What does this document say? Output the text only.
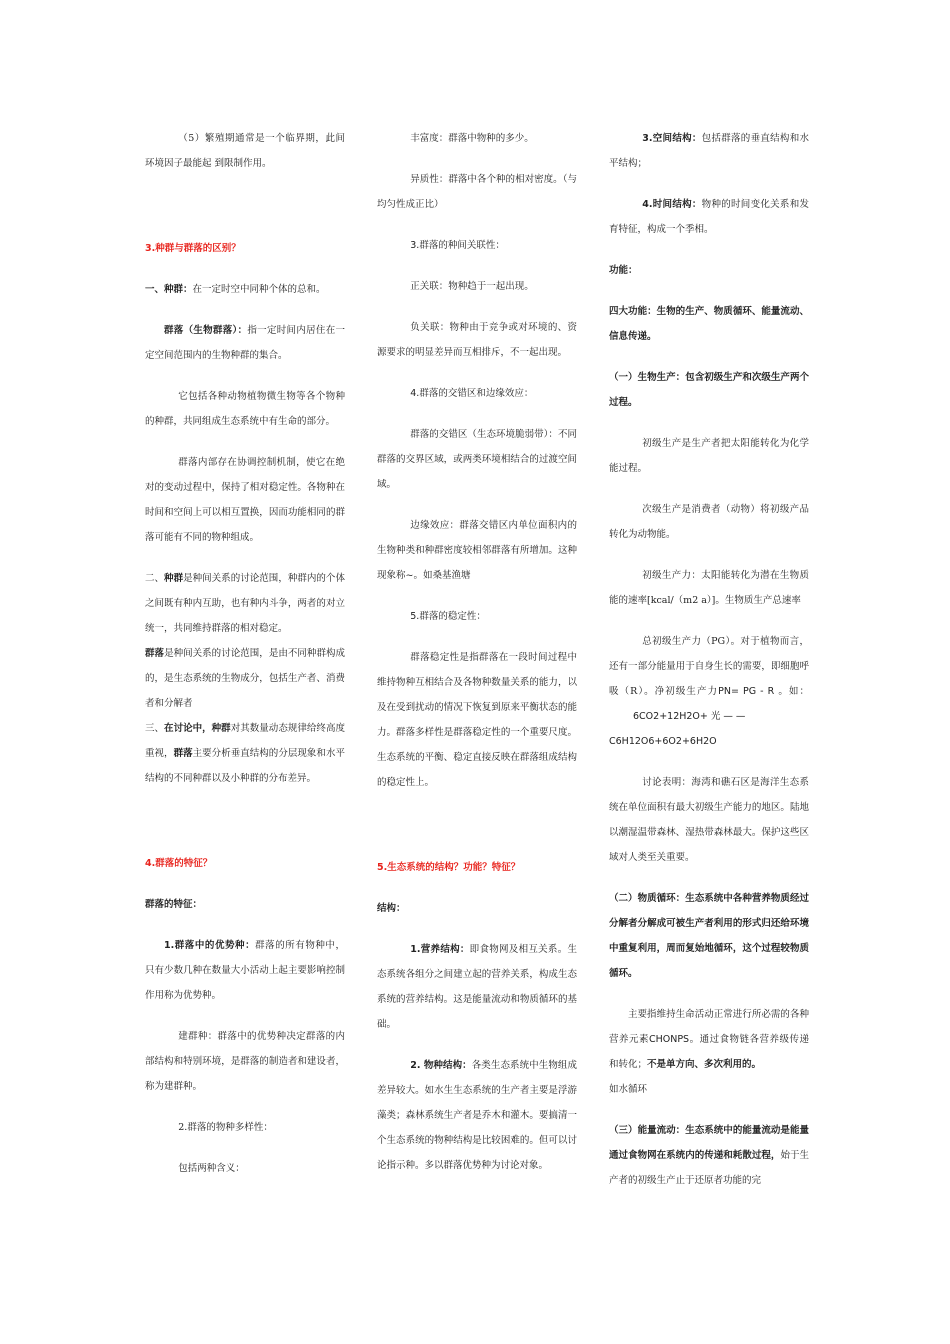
（5）繁殖期通常是一个临界期，此间环境因子最能起 到限制作用。

3.种群与群落的区别？

一、种群：在一定时空中同种个体的总和。

群落（生物群落）：指一定时间内居住在一定空间范围内的生物种群的集合。

它包括各种动物植物微生物等各个物种的种群，共同组成生态系统中有生命的部分。

群落内部存在协调控制机制，使它在绝对的变动过程中，保持了相对稳定性。各物种在时间和空间上可以相互置换，因而功能相同的群落可能有不同的物种组成。

二、种群是种间关系的讨论范围，种群内的个体之间既有种内互助，也有种内斗争，两者的对立统一，共同维持群落的相对稳定。
群落是种间关系的讨论范围，是由不同种群构成的，是生态系统的生物成分，包括生产者、消费者和分解者

三、在讨论中，种群对其数量动态规律给终高度重视，群落主要分析垂直结构的分层现象和水平结构的不同种群以及小种群的分布差异。

4.群落的特征？

群落的特征：

1.群落中的优势种：群落的所有物种中，只有少数几种在数量大小活动上起主要影响控制作用称为优势种。

建群种：群落中的优势种决定群落的内部结构和特别环境，是群落的制造者和建设者，称为建群种。

2.群落的物种多样性：

包括两种含义：

丰富度：群落中物种的多少。

异质性：群落中各个种的相对密度。（与均匀性成正比）

3.群落的种间关联性：

正关联：物种趋于一起出现。

负关联：物种由于竞争或对环境的、资源要求的明显差异而互相排斥，不一起出现。

4.群落的交错区和边缘效应：

群落的交错区（生态环境脆弱带）：不同群落的交界区域，或两类环境相结合的过渡空间域。

边缘效应：群落交错区内单位面积内的生物种类和种群密度较相邻群落有所增加。这种现象称~。如桑基渔塘

5.群落的稳定性：

群落稳定性是指群落在一段时间过程中维持物种互相结合及各物种数量关系的能力，以及在受到扰动的情况下恢复到原来平衡状态的能力。群落多样性是群落稳定性的一个重要尺度。生态系统的平衡、稳定直接反映在群落组成结构的稳定性上。

5.生态系统的结构？功能？特征？

结构：

1.营养结构：即食物网及相互关系。生态系统各组分之间建立起的营养关系，构成生态系统的营养结构。这是能量流动和物质循环的基础。

2. 物种结构：各类生态系统中生物组成差异较大。如水生生态系统的生产者主要是浮游藻类；森林系统生产者是乔木和灌木。要搞清一个生态系统的物种结构是比较困难的。但可以讨论指示种。多以群落优势种为讨论对象。

3.空间结构：包括群落的垂直结构和水平结构；

4.时间结构：物种的时间变化关系和发育特征，构成一个季相。

功能：

四大功能：生物的生产、物质循环、能量流动、信息传递。

（一）生物生产：包含初级生产和次级生产两个过程。

初级生产是生产者把太阳能转化为化学能过程。

次级生产是消费者（动物）将初级产品转化为动物能。

初级生产力：太阳能转化为潜在生物质能的速率[kcal/（m2 a）]。生物质生产总速率

总初级生产力（PG）。对于植物而言，还有一部分能量用于自身生长的需要，即细胞呼吸（R）。净初级生产力PN= PG - R 。如：6CO2+12H2O+ 光 — —
C6H12O6+6O2+6H2O

讨论表明：海湾和礁石区是海洋生态系统在单位面积有最大初级生产能力的地区。陆地以潮湿温带森林、湿热带森林最大。保护这些区域对人类至关重要。

（二）物质循环：生态系统中各种营养物质经过分解者分解成可被生产者利用的形式归还给环境中重复利用，周而复始地循环，这个过程较物质循环。

主要指维持生命活动正常进行所必需的各种营养元素CHONPS。通过食物链各营养级传递和转化；不是单方向、多次利用的。
如水循环

（三）能量流动：生态系统中的能量流动是能量通过食物网在系统内的传递和耗散过程，始于生产者的初级生产止于还原者功能的完
